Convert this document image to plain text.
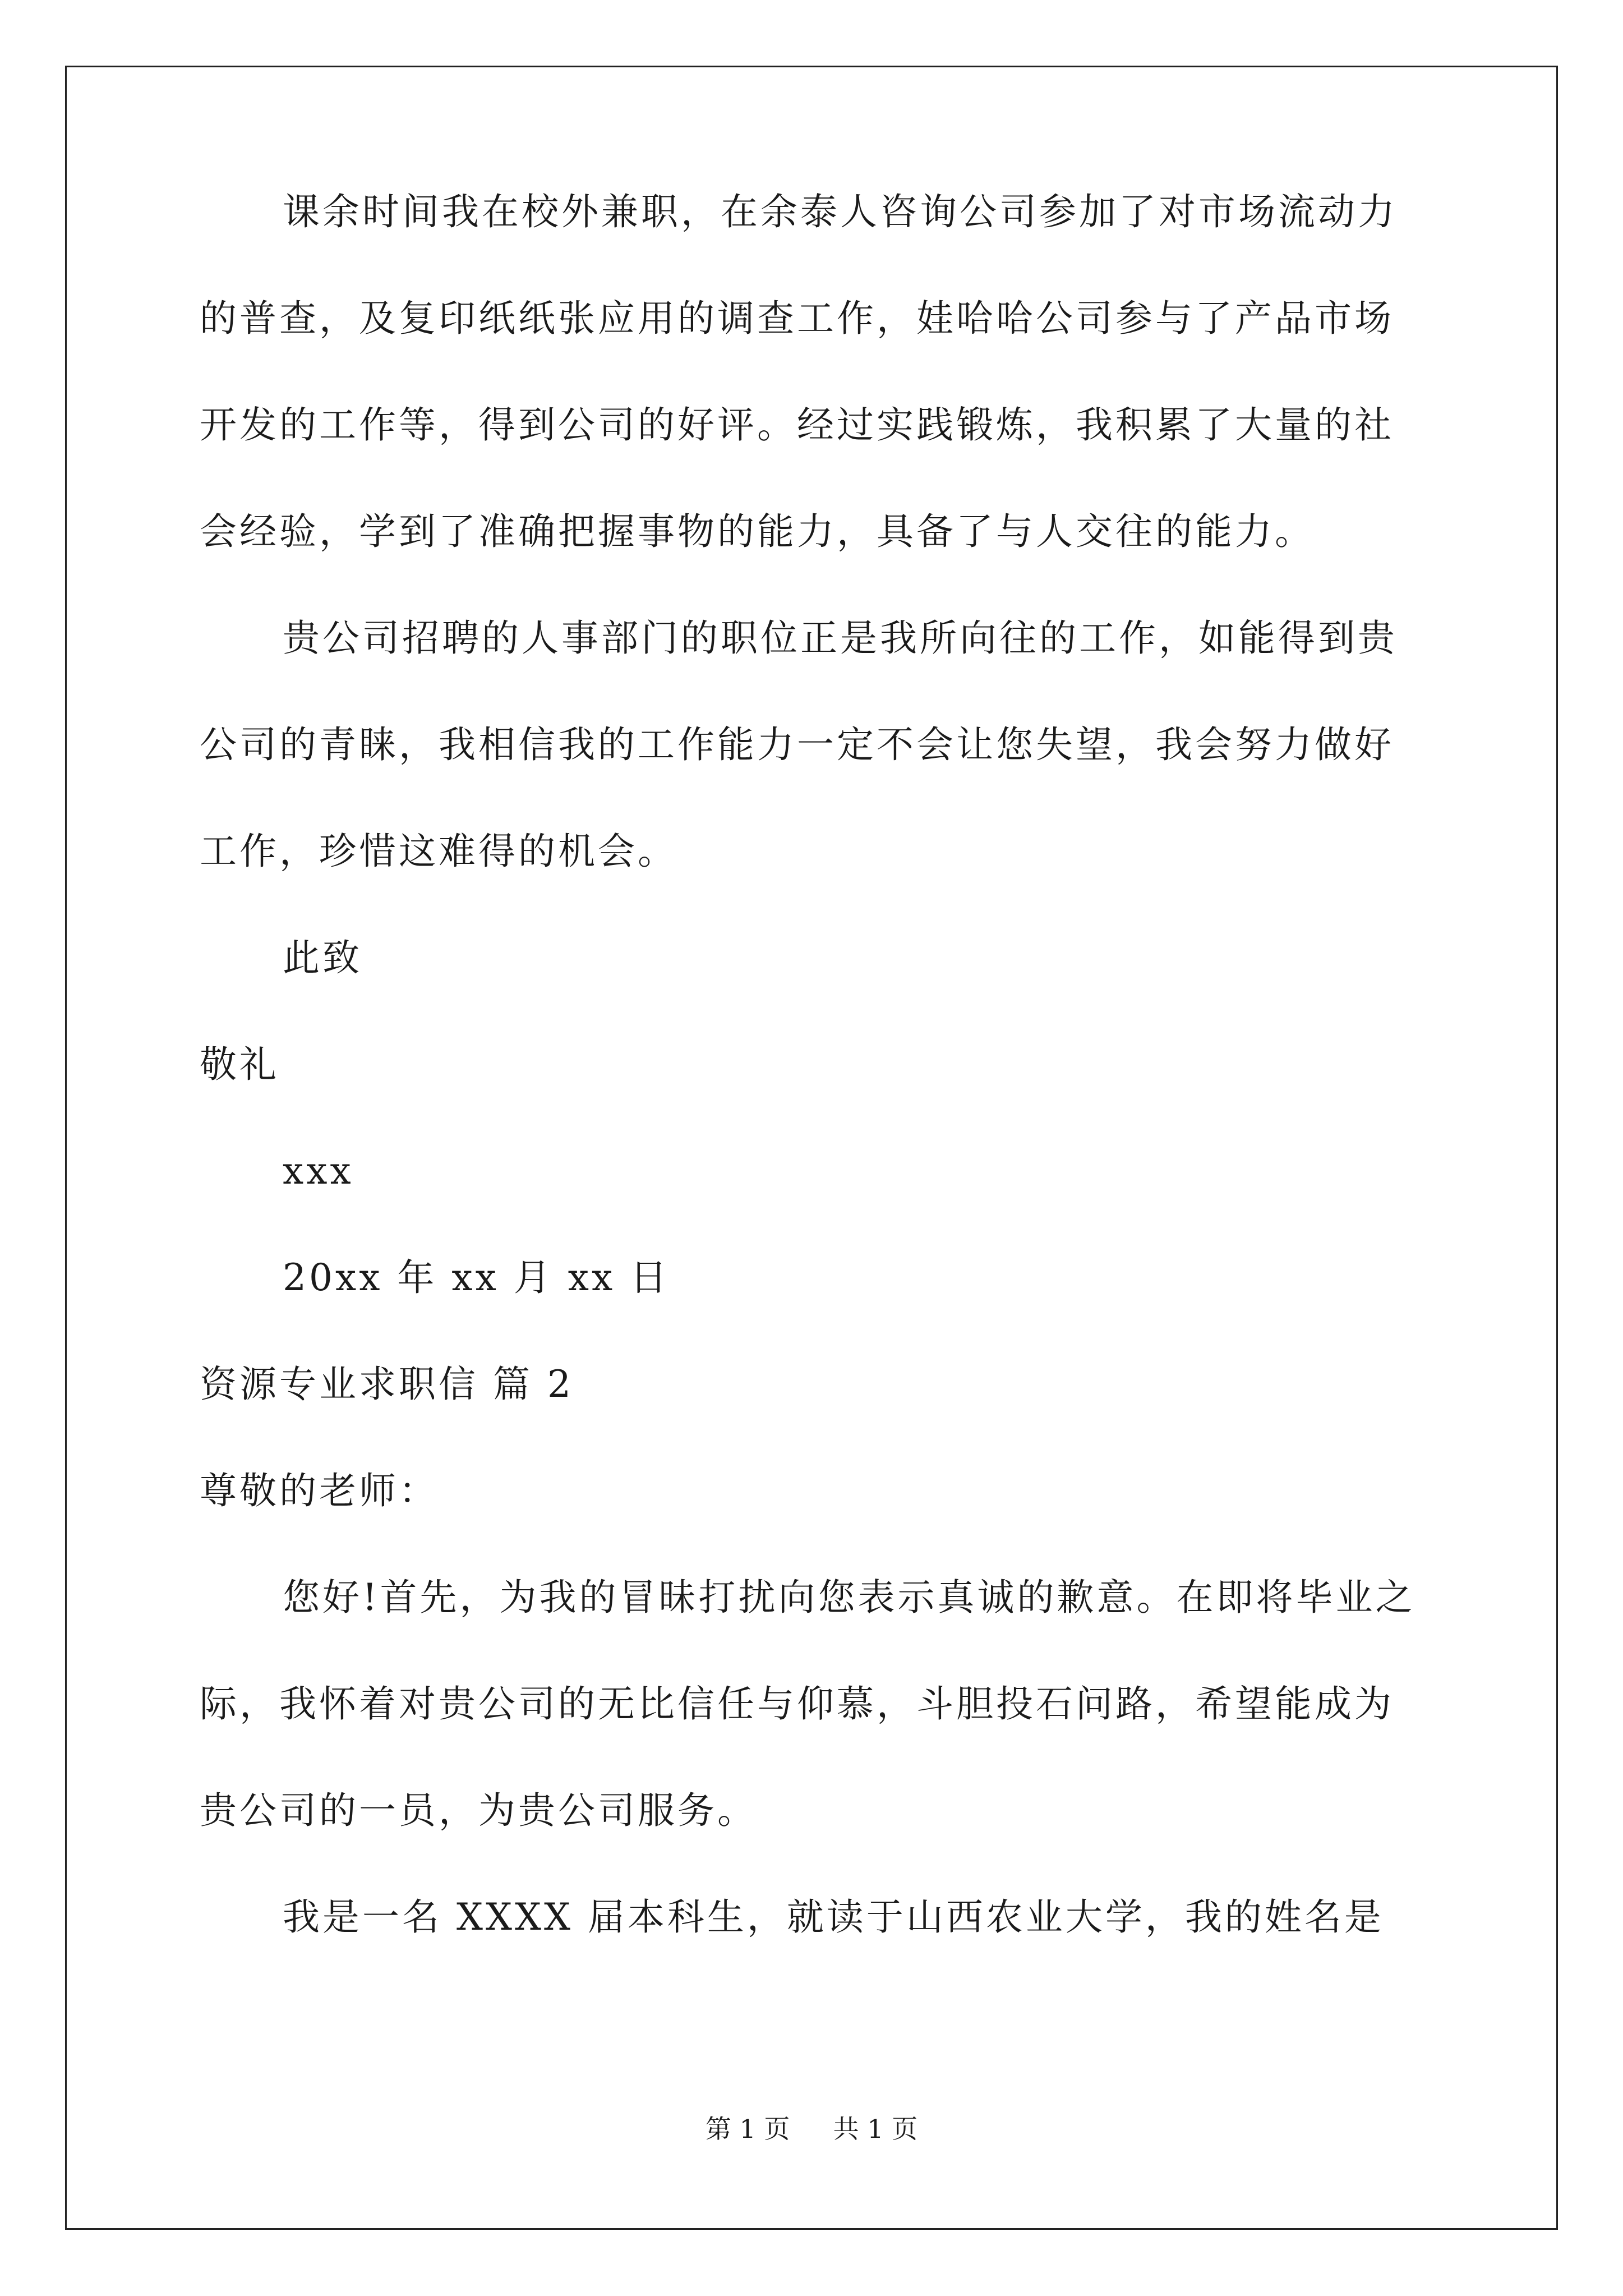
课余时间我在校外兼职，在余泰人咨询公司参加了对市场流动力
的普查，及复印纸纸张应用的调查工作，娃哈哈公司参与了产品市场
开发的工作等，得到公司的好评。经过实践锻炼，我积累了大量的社
会经验，学到了准确把握事物的能力，具备了与人交往的能力。
贵公司招聘的人事部门的职位正是我所向往的工作，如能得到贵
公司的青睐，我相信我的工作能力一定不会让您失望，我会努力做好
工作，珍惜这难得的机会。
此致
敬礼
xxx
20xx 年 xx 月 xx 日
资源专业求职信 篇 2
尊敬的老师：
您好!首先，为我的冒昧打扰向您表示真诚的歉意。在即将毕业之
际，我怀着对贵公司的无比信任与仰慕，斗胆投石问路，希望能成为
贵公司的一员，为贵公司服务。
我是一名 XXXX 届本科生，就读于山西农业大学，我的姓名是
第 1 页 共 1 页
